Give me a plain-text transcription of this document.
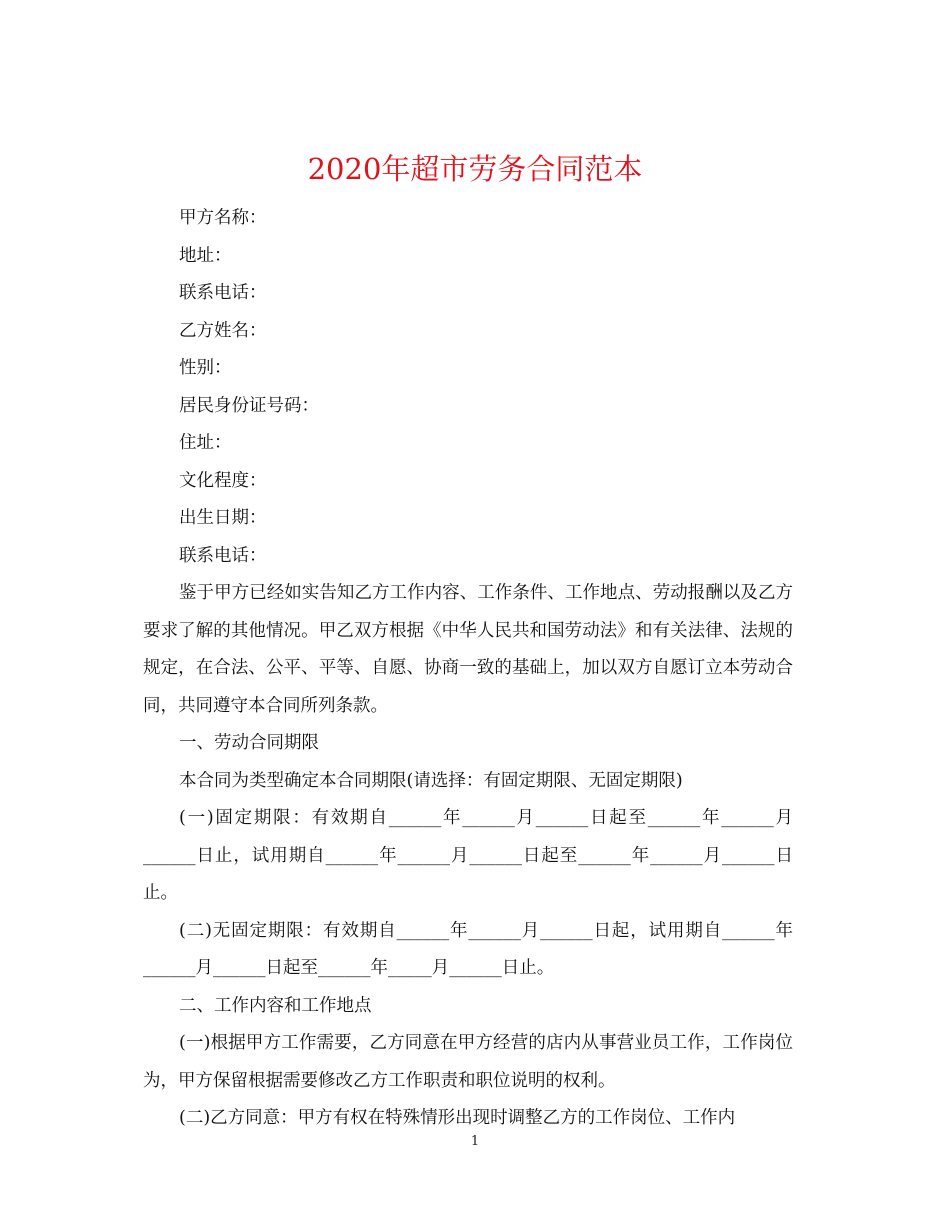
2020年超市劳务合同范本

甲方名称：

地址：

联系电话：

乙方姓名：

性别：

居民身份证号码：

住址：

文化程度：

出生日期：

联系电话：

鉴于甲方已经如实告知乙方工作内容、工作条件、工作地点、劳动报酬以及乙方要求了解的其他情况。甲乙双方根据《中华人民共和国劳动法》和有关法律、法规的规定，在合法、公平、平等、自愿、协商一致的基础上，加以双方自愿订立本劳动合同，共同遵守本合同所列条款。

一、劳动合同期限

本合同为类型确定本合同期限(请选择：有固定期限、无固定期限)

(一)固定期限：有效期自______年______月______日起至______年______月______日止，试用期自______年______月______日起至______年______月______日止。

(二)无固定期限：有效期自______年______月______日起，试用期自______年______月______日起至______年_____月______日止。

二、工作内容和工作地点

(一)根据甲方工作需要，乙方同意在甲方经营的店内从事营业员工作，工作岗位为，甲方保留根据需要修改乙方工作职责和职位说明的权利。

(二)乙方同意：甲方有权在特殊情形出现时调整乙方的工作岗位、工作内

1
